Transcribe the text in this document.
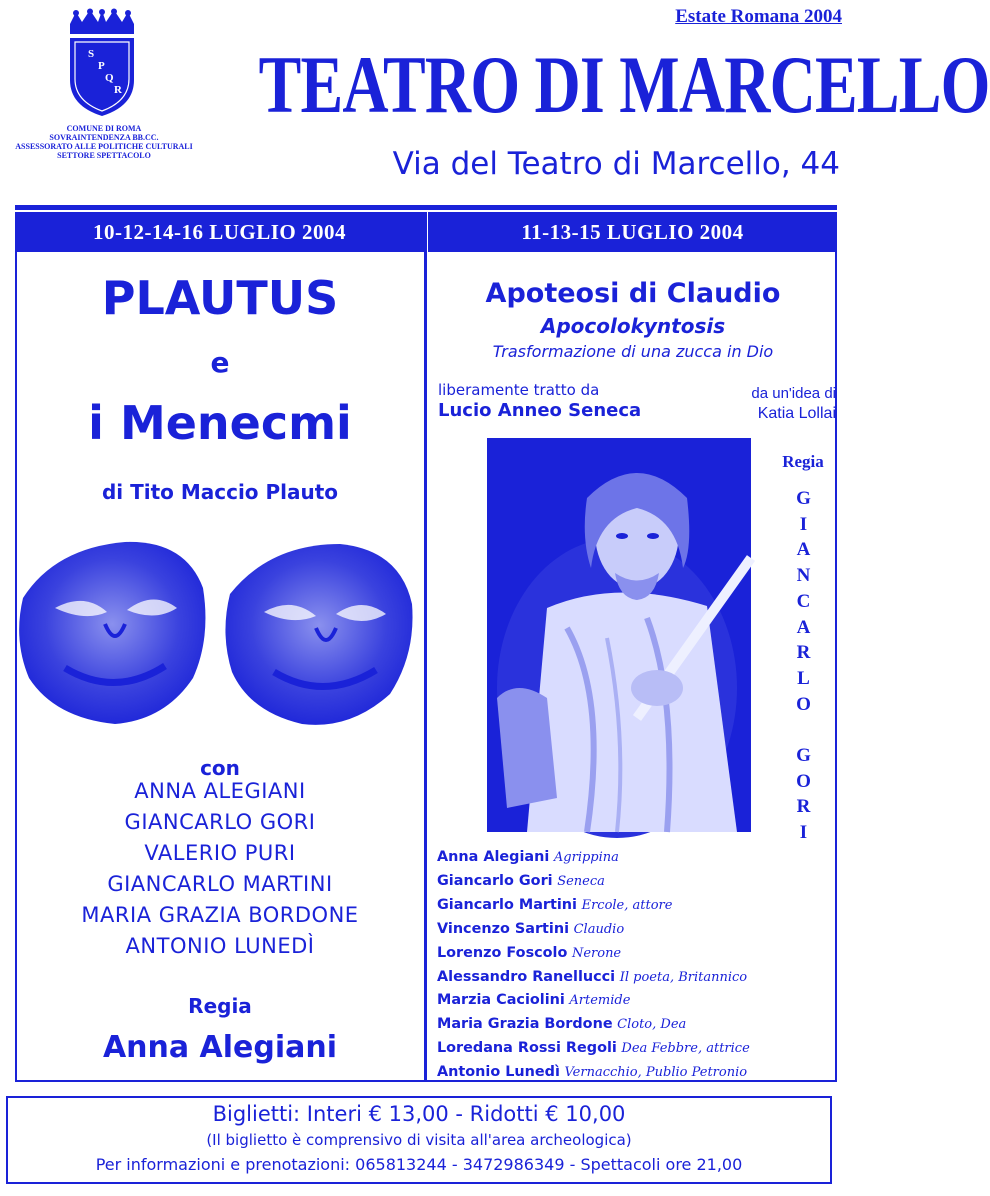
S
P
Q
R
COMUNE DI ROMA
SOVRAINTENDENZA BB.CC.
ASSESSORATO ALLE POLITICHE CULTURALI
SETTORE SPETTACOLO
Estate Romana 2004
TEATRO DI MARCELLO
Via del Teatro di Marcello, 44
10-12-14-16 LUGLIO 2004	11-13-15 LUGLIO 2004
PLAUTUS
e
i Menecmi
di Tito Maccio Plauto
con
ANNA ALEGIANI
GIANCARLO GORI
VALERIO PURI
GIANCARLO MARTINI
MARIA GRAZIA BORDONE
ANTONIO LUNEDÌ
Regia
Anna Alegiani
Apoteosi di Claudio
Apocolokyntosis
Trasformazione di una zucca in Dio
liberamente tratto da
Lucio Anneo Seneca
da un'idea di
Katia Lollai
Regia
G
I
A
N
C
A
R
L
O

G
O
R
I
Anna Alegiani Agrippina
Giancarlo Gori Seneca
Giancarlo Martini Ercole, attore
Vincenzo Sartini Claudio
Lorenzo Foscolo Nerone
Alessandro Ranellucci Il poeta, Britannico
Marzia Caciolini Artemide
Maria Grazia Bordone Cloto, Dea
Loredana Rossi Regoli Dea Febbre, attrice
Antonio Lunedì Vernacchio, Publio Petronio
Biglietti: Interi € 13,00 - Ridotti € 10,00
(Il biglietto è comprensivo di visita all'area archeologica)
Per informazioni e prenotazioni: 065813244 - 3472986349 - Spettacoli ore 21,00
